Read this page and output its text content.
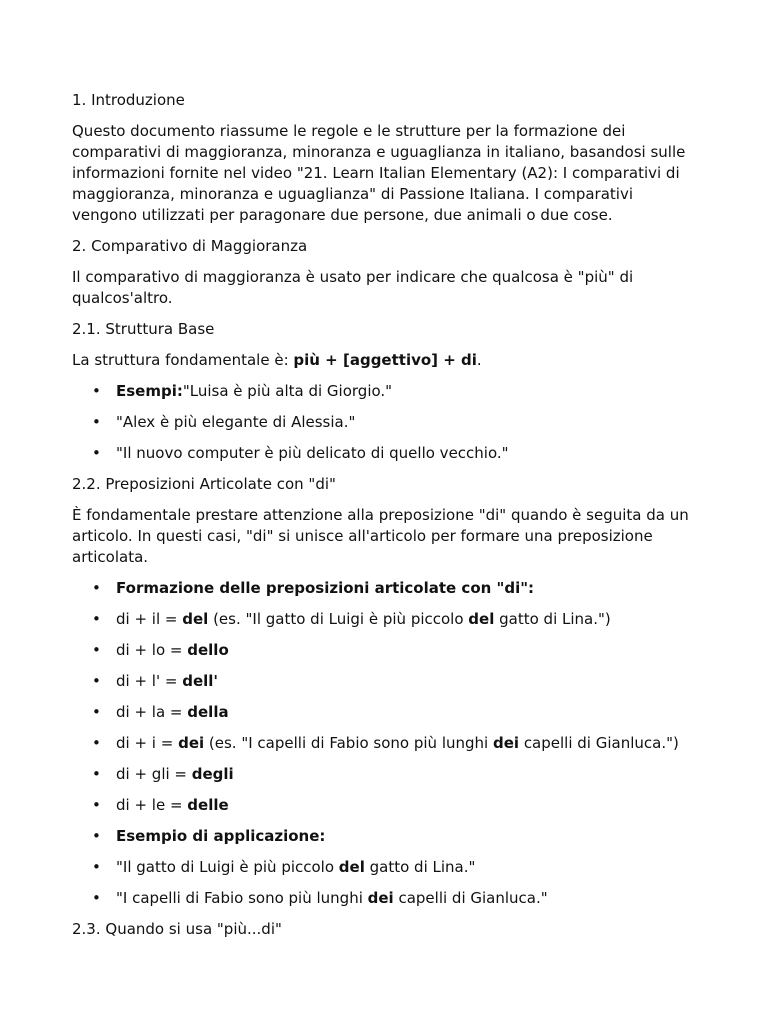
1. Introduzione

Questo documento riassume le regole e le strutture per la formazione dei comparativi di maggioranza, minoranza e uguaglianza in italiano, basandosi sulle informazioni fornite nel video "21. Learn Italian Elementary (A2): I comparativi di maggioranza, minoranza e uguaglianza" di Passione Italiana. I comparativi vengono utilizzati per paragonare due persone, due animali o due cose.

2. Comparativo di Maggioranza

Il comparativo di maggioranza è usato per indicare che qualcosa è "più" di qualcos'altro.

2.1. Struttura Base

La struttura fondamentale è: più + [aggettivo] + di.

• Esempi:"Luisa è più alta di Giorgio."
• "Alex è più elegante di Alessia."
• "Il nuovo computer è più delicato di quello vecchio."

2.2. Preposizioni Articolate con "di"

È fondamentale prestare attenzione alla preposizione "di" quando è seguita da un articolo. In questi casi, "di" si unisce all'articolo per formare una preposizione articolata.

• Formazione delle preposizioni articolate con "di":
• di + il = del (es. "Il gatto di Luigi è più piccolo del gatto di Lina.")
• di + lo = dello
• di + l' = dell'
• di + la = della
• di + i = dei (es. "I capelli di Fabio sono più lunghi dei capelli di Gianluca.")
• di + gli = degli
• di + le = delle
• Esempio di applicazione:
• "Il gatto di Luigi è più piccolo del gatto di Lina."
• "I capelli di Fabio sono più lunghi dei capelli di Gianluca."

2.3. Quando si usa "più...di"
